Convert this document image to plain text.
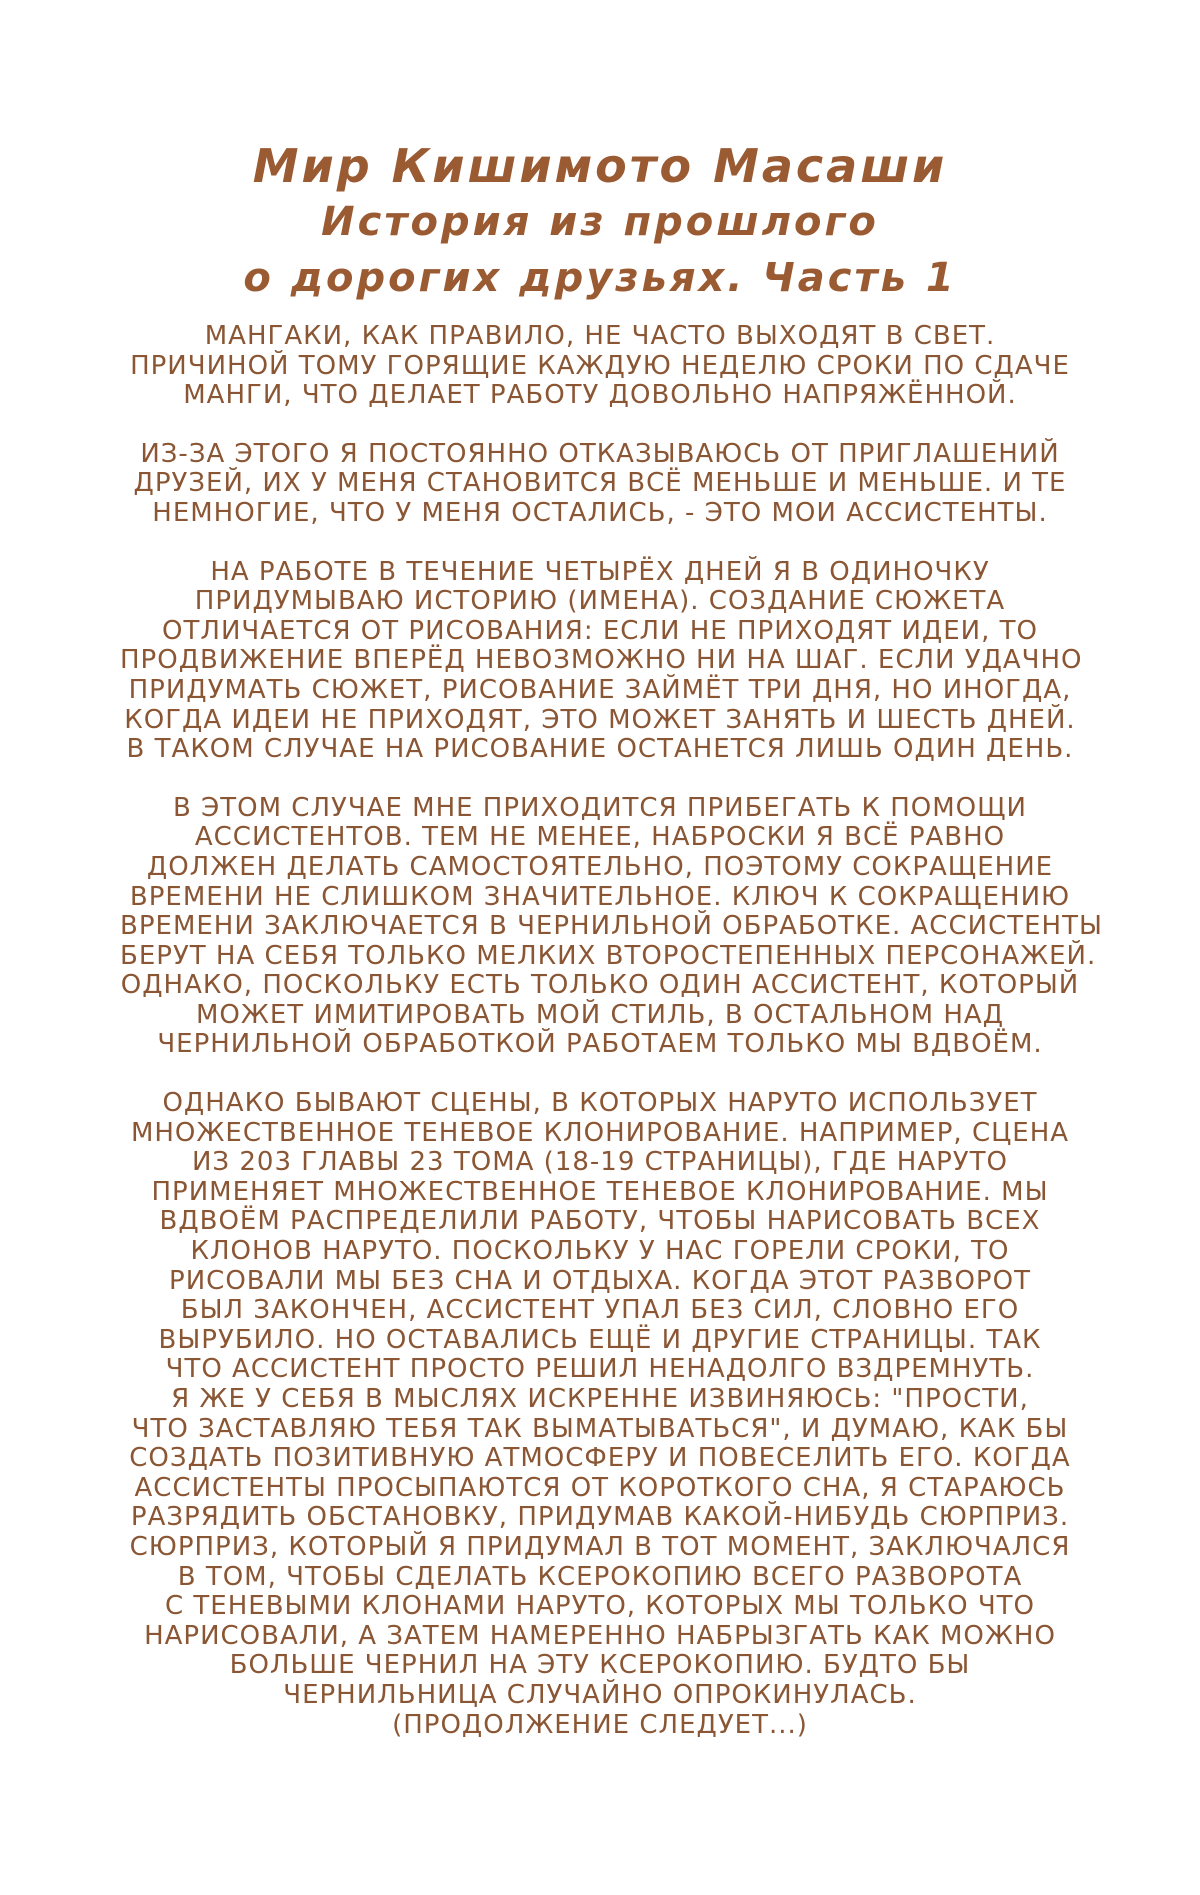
Мир Кишимото Масаши
История из прошлого
о дорогих друзьях. Часть 1
МАНГАКИ, КАК ПРАВИЛО, НЕ ЧАСТО ВЫХОДЯТ В СВЕТ.
ПРИЧИНОЙ ТОМУ ГОРЯЩИЕ КАЖДУЮ НЕДЕЛЮ СРОКИ ПО СДАЧЕ
МАНГИ, ЧТО ДЕЛАЕТ РАБОТУ ДОВОЛЬНО НАПРЯЖЁННОЙ.
ИЗ-ЗА ЭТОГО Я ПОСТОЯННО ОТКАЗЫВАЮСЬ ОТ ПРИГЛАШЕНИЙ
ДРУЗЕЙ, ИХ У МЕНЯ СТАНОВИТСЯ ВСЁ МЕНЬШЕ И МЕНЬШЕ. И ТЕ
НЕМНОГИЕ, ЧТО У МЕНЯ ОСТАЛИСЬ, - ЭТО МОИ АССИСТЕНТЫ.
НА РАБОТЕ В ТЕЧЕНИЕ ЧЕТЫРЁХ ДНЕЙ Я В ОДИНОЧКУ
ПРИДУМЫВАЮ ИСТОРИЮ (ИМЕНА). СОЗДАНИЕ СЮЖЕТА
ОТЛИЧАЕТСЯ ОТ РИСОВАНИЯ: ЕСЛИ НЕ ПРИХОДЯТ ИДЕИ, ТО
ПРОДВИЖЕНИЕ ВПЕРЁД НЕВОЗМОЖНО НИ НА ШАГ. ЕСЛИ УДАЧНО
ПРИДУМАТЬ СЮЖЕТ, РИСОВАНИЕ ЗАЙМЁТ ТРИ ДНЯ, НО ИНОГДА,
КОГДА ИДЕИ НЕ ПРИХОДЯТ, ЭТО МОЖЕТ ЗАНЯТЬ И ШЕСТЬ ДНЕЙ.
В ТАКОМ СЛУЧАЕ НА РИСОВАНИЕ ОСТАНЕТСЯ ЛИШЬ ОДИН ДЕНЬ.
В ЭТОМ СЛУЧАЕ МНЕ ПРИХОДИТСЯ ПРИБЕГАТЬ К ПОМОЩИ
АССИСТЕНТОВ. ТЕМ НЕ МЕНЕЕ, НАБРОСКИ Я ВСЁ РАВНО
ДОЛЖЕН ДЕЛАТЬ САМОСТОЯТЕЛЬНО, ПОЭТОМУ СОКРАЩЕНИЕ
ВРЕМЕНИ НЕ СЛИШКОМ ЗНАЧИТЕЛЬНОЕ. КЛЮЧ К СОКРАЩЕНИЮ
ВРЕМЕНИ ЗАКЛЮЧАЕТСЯ В ЧЕРНИЛЬНОЙ ОБРАБОТКЕ. АССИСТЕНТЫ
БЕРУТ НА СЕБЯ ТОЛЬКО МЕЛКИХ ВТОРОСТЕПЕННЫХ ПЕРСОНАЖЕЙ.
ОДНАКО, ПОСКОЛЬКУ ЕСТЬ ТОЛЬКО ОДИН АССИСТЕНТ, КОТОРЫЙ
МОЖЕТ ИМИТИРОВАТЬ МОЙ СТИЛЬ, В ОСТАЛЬНОМ НАД
ЧЕРНИЛЬНОЙ ОБРАБОТКОЙ РАБОТАЕМ ТОЛЬКО МЫ ВДВОЁМ.
ОДНАКО БЫВАЮТ СЦЕНЫ, В КОТОРЫХ НАРУТО ИСПОЛЬЗУЕТ
МНОЖЕСТВЕННОЕ ТЕНЕВОЕ КЛОНИРОВАНИЕ. НАПРИМЕР, СЦЕНА
ИЗ 203 ГЛАВЫ 23 ТОМА (18-19 СТРАНИЦЫ), ГДЕ НАРУТО
ПРИМЕНЯЕТ МНОЖЕСТВЕННОЕ ТЕНЕВОЕ КЛОНИРОВАНИЕ. МЫ
ВДВОЁМ РАСПРЕДЕЛИЛИ РАБОТУ, ЧТОБЫ НАРИСОВАТЬ ВСЕХ
КЛОНОВ НАРУТО. ПОСКОЛЬКУ У НАС ГОРЕЛИ СРОКИ, ТО
РИСОВАЛИ МЫ БЕЗ СНА И ОТДЫХА. КОГДА ЭТОТ РАЗВОРОТ
БЫЛ ЗАКОНЧЕН, АССИСТЕНТ УПАЛ БЕЗ СИЛ, СЛОВНО ЕГО
ВЫРУБИЛО. НО ОСТАВАЛИСЬ ЕЩЁ И ДРУГИЕ СТРАНИЦЫ. ТАК
ЧТО АССИСТЕНТ ПРОСТО РЕШИЛ НЕНАДОЛГО ВЗДРЕМНУТЬ.
Я ЖЕ У СЕБЯ В МЫСЛЯХ ИСКРЕННЕ ИЗВИНЯЮСЬ: "ПРОСТИ,
ЧТО ЗАСТАВЛЯЮ ТЕБЯ ТАК ВЫМАТЫВАТЬСЯ", И ДУМАЮ, КАК БЫ
СОЗДАТЬ ПОЗИТИВНУЮ АТМОСФЕРУ И ПОВЕСЕЛИТЬ ЕГО. КОГДА
АССИСТЕНТЫ ПРОСЫПАЮТСЯ ОТ КОРОТКОГО СНА, Я СТАРАЮСЬ
РАЗРЯДИТЬ ОБСТАНОВКУ, ПРИДУМАВ КАКОЙ-НИБУДЬ СЮРПРИЗ.
СЮРПРИЗ, КОТОРЫЙ Я ПРИДУМАЛ В ТОТ МОМЕНТ, ЗАКЛЮЧАЛСЯ
В ТОМ, ЧТОБЫ СДЕЛАТЬ КСЕРОКОПИЮ ВСЕГО РАЗВОРОТА
С ТЕНЕВЫМИ КЛОНАМИ НАРУТО, КОТОРЫХ МЫ ТОЛЬКО ЧТО
НАРИСОВАЛИ, А ЗАТЕМ НАМЕРЕННО НАБРЫЗГАТЬ КАК МОЖНО
БОЛЬШЕ ЧЕРНИЛ НА ЭТУ КСЕРОКОПИЮ. БУДТО БЫ
ЧЕРНИЛЬНИЦА СЛУЧАЙНО ОПРОКИНУЛАСЬ.
(ПРОДОЛЖЕНИЕ СЛЕДУЕТ...)
